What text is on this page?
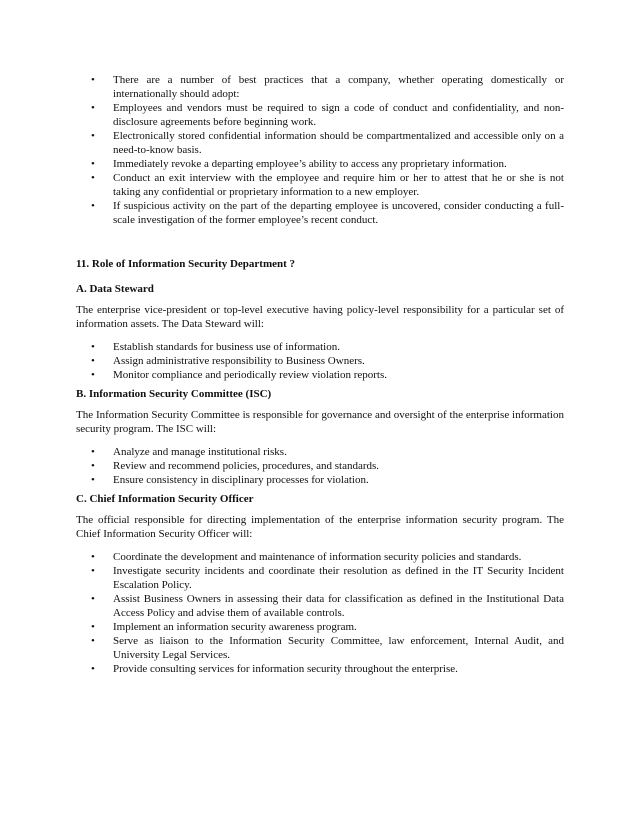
• There are a number of best practices that a company, whether operating domestically or internationally should adopt:
• Employees and vendors must be required to sign a code of conduct and confidentiality, and non-disclosure agreements before beginning work.
• Electronically stored confidential information should be compartmentalized and accessible only on a need-to-know basis.
• Immediately revoke a departing employee’s ability to access any proprietary information.
• Conduct an exit interview with the employee and require him or her to attest that he or she is not taking any confidential or proprietary information to a new employer.
• If suspicious activity on the part of the departing employee is uncovered, consider conducting a full-scale investigation of the former employee’s recent conduct.
11. Role of Information Security Department ?
A. Data Steward
The enterprise vice-president or top-level executive having policy-level responsibility for a particular set of information assets. The Data Steward will:
• Establish standards for business use of information.
• Assign administrative responsibility to Business Owners.
• Monitor compliance and periodically review violation reports.
B. Information Security Committee (ISC)
The Information Security Committee is responsible for governance and oversight of the enterprise information security program. The ISC will:
• Analyze and manage institutional risks.
• Review and recommend policies, procedures, and standards.
• Ensure consistency in disciplinary processes for violation.
C. Chief Information Security Officer
The official responsible for directing implementation of the enterprise information security program. The Chief Information Security Officer will:
• Coordinate the development and maintenance of information security policies and standards.
• Investigate security incidents and coordinate their resolution as defined in the IT Security Incident Escalation Policy.
• Assist Business Owners in assessing their data for classification as defined in the Institutional Data Access Policy and advise them of available controls.
• Implement an information security awareness program.
• Serve as liaison to the Information Security Committee, law enforcement, Internal Audit, and University Legal Services.
• Provide consulting services for information security throughout the enterprise.
